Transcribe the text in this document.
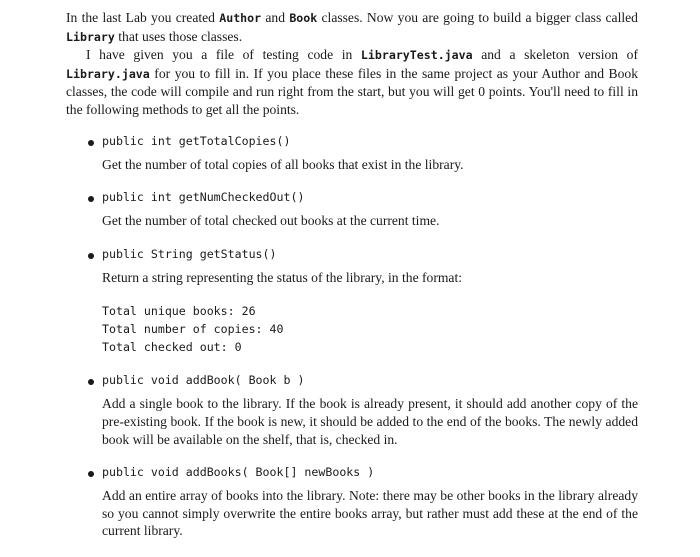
In the last Lab you created Author and Book classes. Now you are going to build a bigger class called Library that uses those classes.

I have given you a file of testing code in LibraryTest.java and a skeleton version of Library.java for you to fill in. If you place these files in the same project as your Author and Book classes, the code will compile and run right from the start, but you will get 0 points. You'll need to fill in the following methods to get all the points.

public int getTotalCopies()

Get the number of total copies of all books that exist in the library.

public int getNumCheckedOut()

Get the number of total checked out books at the current time.

public String getStatus()

Return a string representing the status of the library, in the format:

Total unique books: 26
Total number of copies: 40
Total checked out: 0
public void addBook( Book b )

Add a single book to the library. If the book is already present, it should add another copy of the pre-existing book. If the book is new, it should be added to the end of the books. The newly added book will be available on the shelf, that is, checked in.

public void addBooks( Book[] newBooks )

Add an entire array of books into the library. Note: there may be other books in the library already so you cannot simply overwrite the entire books array, but rather must add these at the end of the current library.
